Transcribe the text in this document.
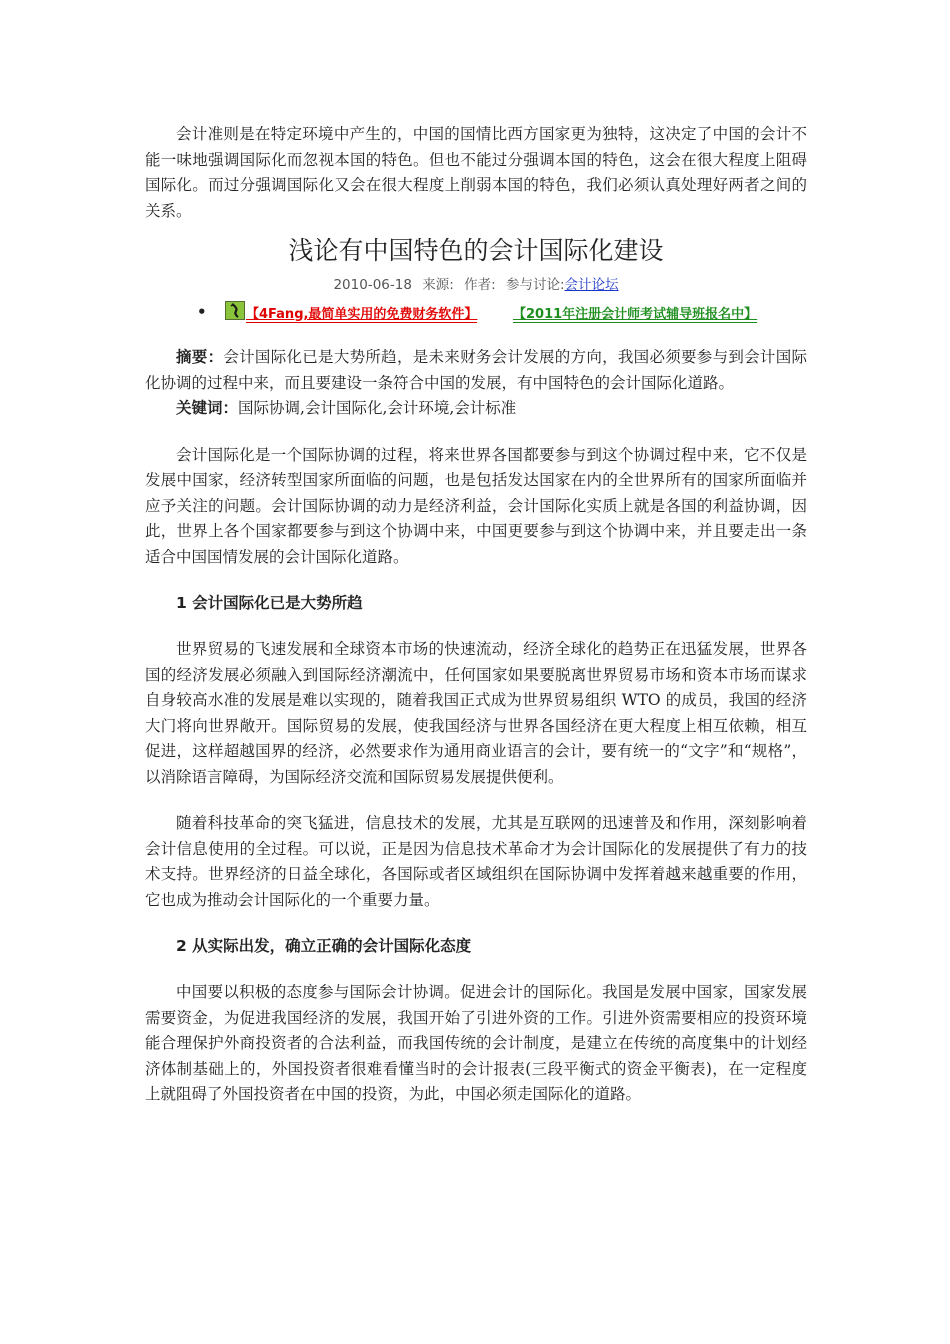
会计准则是在特定环境中产生的，中国的国情比西方国家更为独特，这决定了中国的会计不能一味地强调国际化而忽视本国的特色。但也不能过分强调本国的特色，这会在很大程度上阻碍国际化。而过分强调国际化又会在很大程度上削弱本国的特色，我们必须认真处理好两者之间的关系。

浅论有中国特色的会计国际化建设
2010-06-18 来源: 作者: 参与讨论:会计论坛
•	【4Fang,最简单实用的免费财务软件】	【2011年注册会计师考试辅导班报名中】

摘要：会计国际化已是大势所趋，是未来财务会计发展的方向，我国必须要参与到会计国际化协调的过程中来，而且要建设一条符合中国的发展，有中国特色的会计国际化道路。

关键词：国际协调,会计国际化,会计环境,会计标准

会计国际化是一个国际协调的过程，将来世界各国都要参与到这个协调过程中来，它不仅是发展中国家，经济转型国家所面临的问题，也是包括发达国家在内的全世界所有的国家所面临并应予关注的问题。会计国际协调的动力是经济利益，会计国际化实质上就是各国的利益协调，因此，世界上各个国家都要参与到这个协调中来，中国更要参与到这个协调中来，并且要走出一条适合中国国情发展的会计国际化道路。

1 会计国际化已是大势所趋

世界贸易的飞速发展和全球资本市场的快速流动，经济全球化的趋势正在迅猛发展，世界各国的经济发展必须融入到国际经济潮流中，任何国家如果要脱离世界贸易市场和资本市场而谋求自身较高水准的发展是难以实现的，随着我国正式成为世界贸易组织 WTO 的成员，我国的经济大门将向世界敞开。国际贸易的发展，使我国经济与世界各国经济在更大程度上相互依赖，相互促进，这样超越国界的经济，必然要求作为通用商业语言的会计，要有统一的“文字”和“规格”，以消除语言障碍，为国际经济交流和国际贸易发展提供便利。

随着科技革命的突飞猛进，信息技术的发展，尤其是互联网的迅速普及和作用，深刻影响着会计信息使用的全过程。可以说，正是因为信息技术革命才为会计国际化的发展提供了有力的技术支持。世界经济的日益全球化，各国际或者区域组织在国际协调中发挥着越来越重要的作用，它也成为推动会计国际化的一个重要力量。

2 从实际出发，确立正确的会计国际化态度

中国要以积极的态度参与国际会计协调。促进会计的国际化。我国是发展中国家，国家发展需要资金，为促进我国经济的发展，我国开始了引进外资的工作。引进外资需要相应的投资环境能合理保护外商投资者的合法利益，而我国传统的会计制度，是建立在传统的高度集中的计划经济体制基础上的，外国投资者很难看懂当时的会计报表(三段平衡式的资金平衡表)，在一定程度上就阻碍了外国投资者在中国的投资，为此，中国必须走国际化的道路。
